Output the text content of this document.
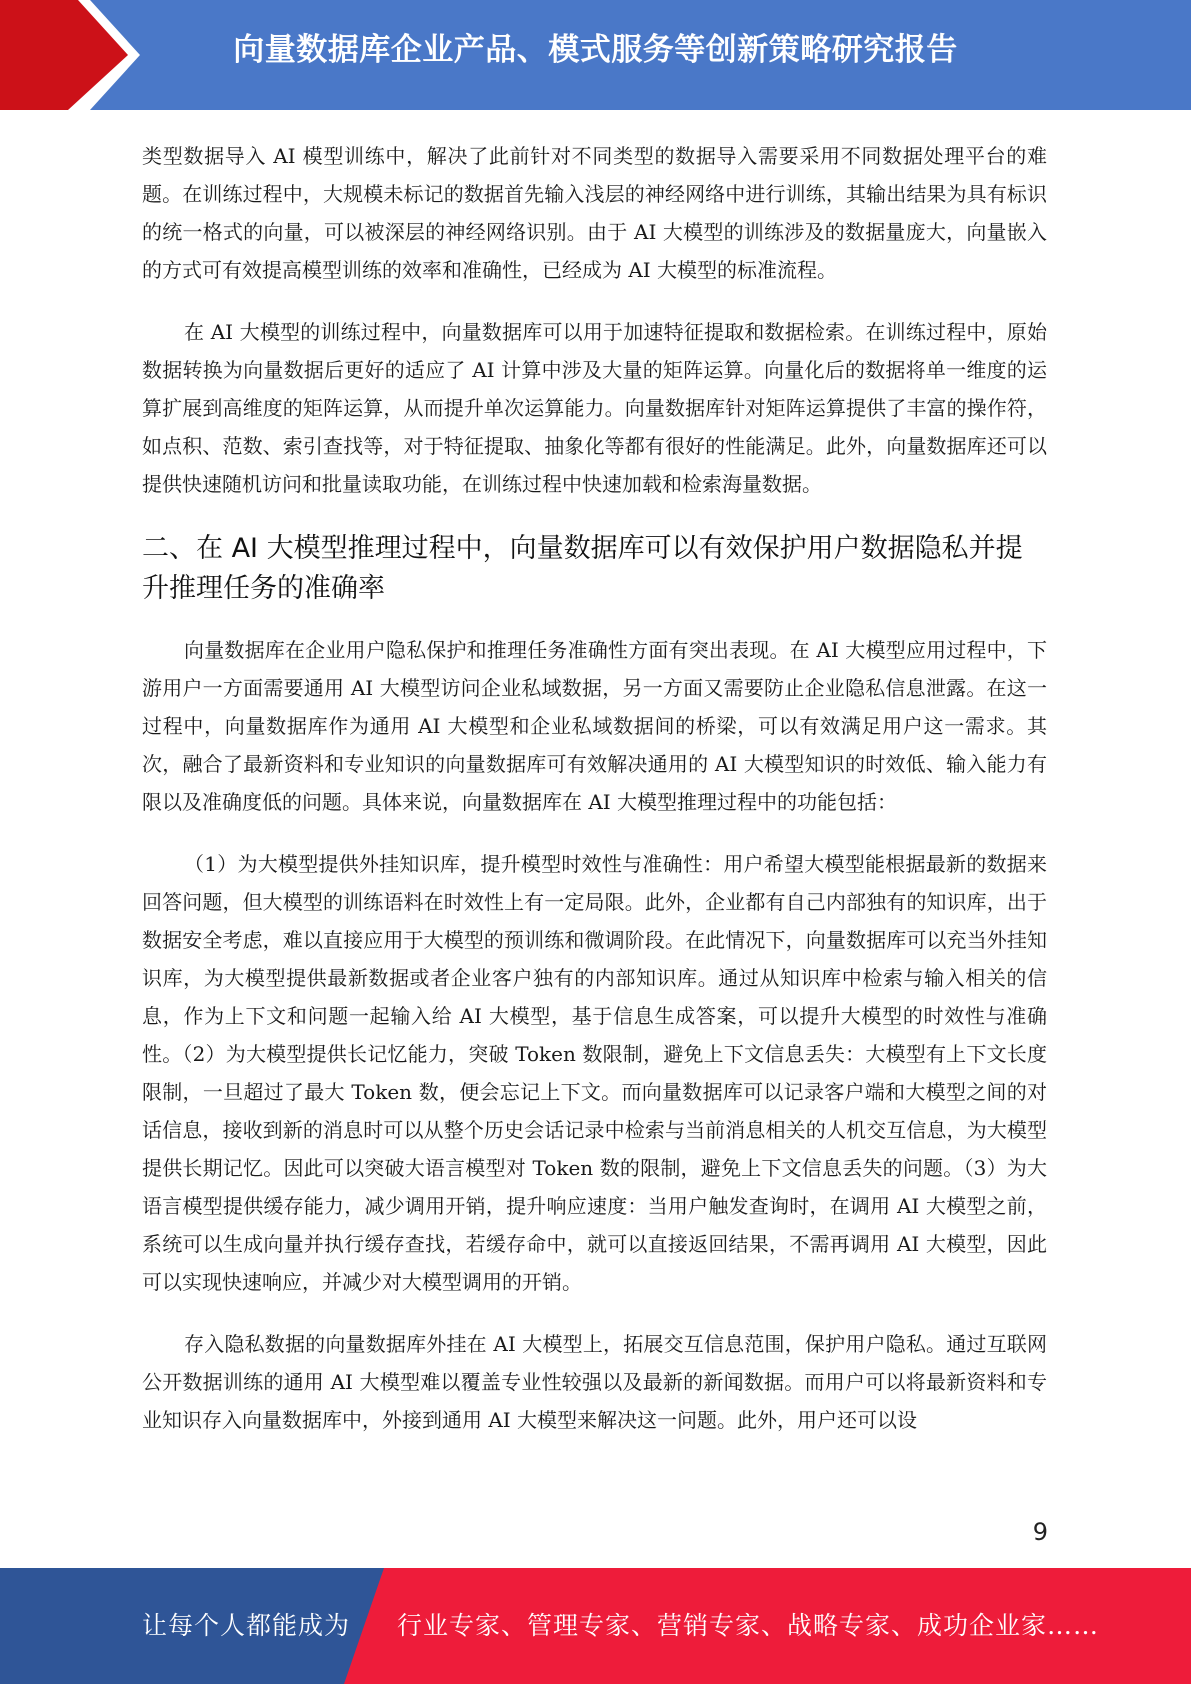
向量数据库企业产品、模式服务等创新策略研究报告

类型数据导入 AI 模型训练中，解决了此前针对不同类型的数据导入需要采用不同数据处理平台的难题。在训练过程中，大规模未标记的数据首先输入浅层的神经网络中进行训练，其输出结果为具有标识的统一格式的向量，可以被深层的神经网络识别。由于 AI 大模型的训练涉及的数据量庞大，向量嵌入的方式可有效提高模型训练的效率和准确性，已经成为 AI 大模型的标准流程。

在 AI 大模型的训练过程中，向量数据库可以用于加速特征提取和数据检索。在训练过程中，原始数据转换为向量数据后更好的适应了 AI 计算中涉及大量的矩阵运算。向量化后的数据将单一维度的运算扩展到高维度的矩阵运算，从而提升单次运算能力。向量数据库针对矩阵运算提供了丰富的操作符，如点积、范数、索引查找等，对于特征提取、抽象化等都有很好的性能满足。此外，向量数据库还可以提供快速随机访问和批量读取功能，在训练过程中快速加载和检索海量数据。

二、在 AI 大模型推理过程中，向量数据库可以有效保护用户数据隐私并提升推理任务的准确率

向量数据库在企业用户隐私保护和推理任务准确性方面有突出表现。在 AI 大模型应用过程中，下游用户一方面需要通用 AI 大模型访问企业私域数据，另一方面又需要防止企业隐私信息泄露。在这一过程中，向量数据库作为通用 AI 大模型和企业私域数据间的桥梁，可以有效满足用户这一需求。其次，融合了最新资料和专业知识的向量数据库可有效解决通用的 AI 大模型知识的时效低、输入能力有限以及准确度低的问题。具体来说，向量数据库在 AI 大模型推理过程中的功能包括：

（1）为大模型提供外挂知识库，提升模型时效性与准确性：用户希望大模型能根据最新的数据来回答问题，但大模型的训练语料在时效性上有一定局限。此外，企业都有自己内部独有的知识库，出于数据安全考虑，难以直接应用于大模型的预训练和微调阶段。在此情况下，向量数据库可以充当外挂知识库，为大模型提供最新数据或者企业客户独有的内部知识库。通过从知识库中检索与输入相关的信息，作为上下文和问题一起输入给 AI 大模型，基于信息生成答案，可以提升大模型的时效性与准确性。（2）为大模型提供长记忆能力，突破 Token 数限制，避免上下文信息丢失：大模型有上下文长度限制，一旦超过了最大 Token 数，便会忘记上下文。而向量数据库可以记录客户端和大模型之间的对话信息，接收到新的消息时可以从整个历史会话记录中检索与当前消息相关的人机交互信息，为大模型提供长期记忆。因此可以突破大语言模型对 Token 数的限制，避免上下文信息丢失的问题。（3）为大语言模型提供缓存能力，减少调用开销，提升响应速度：当用户触发查询时，在调用 AI 大模型之前，系统可以生成向量并执行缓存查找，若缓存命中，就可以直接返回结果，不需再调用 AI 大模型，因此可以实现快速响应，并减少对大模型调用的开销。

存入隐私数据的向量数据库外挂在 AI 大模型上，拓展交互信息范围，保护用户隐私。通过互联网公开数据训练的通用 AI 大模型难以覆盖专业性较强以及最新的新闻数据。而用户可以将最新资料和专业知识存入向量数据库中，外接到通用 AI 大模型来解决这一问题。此外，用户还可以设

9
让每个人都能成为 行业专家、管理专家、营销专家、战略专家、成功企业家……
